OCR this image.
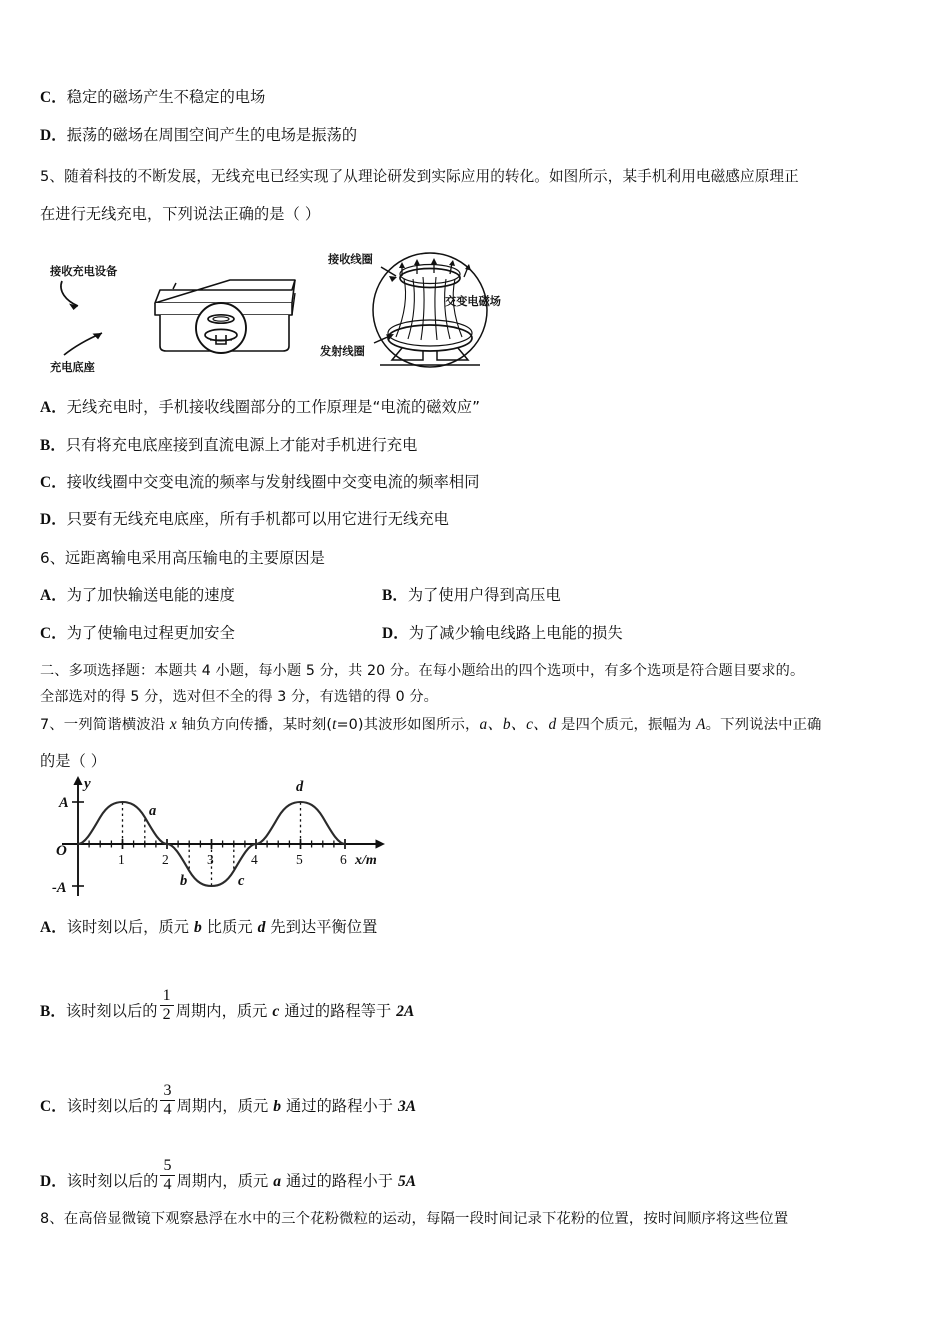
C．稳定的磁场产生不稳定的电场
D．振荡的磁场在周围空间产生的电场是振荡的
5、随着科技的不断发展，无线充电已经实现了从理论研发到实际应用的转化。如图所示，某手机利用电磁感应原理正
在进行无线充电，下列说法正确的是（ ）
接收充电设备
充电底座
接收线圈
交变电磁场
发射线圈
A．无线充电时，手机接收线圈部分的工作原理是“电流的磁效应”
B．只有将充电底座接到直流电源上才能对手机进行充电
C．接收线圈中交变电流的频率与发射线圈中交变电流的频率相同
D．只要有无线充电底座，所有手机都可以用它进行无线充电
6、远距离输电采用高压输电的主要原因是
A．为了加快输送电能的速度	B．为了使用户得到高压电
C．为了使输电过程更加安全	D．为了减少输电线路上电能的损失
二、多项选择题：本题共 4 小题，每小题 5 分，共 20 分。在每小题给出的四个选项中，有多个选项是符合题目要求的。
全部选对的得 5 分，选对但不全的得 3 分，有选错的得 0 分。
7、一列简谐横波沿 x 轴负方向传播，某时刻(t=0)其波形如图所示，a、b、c、d 是四个质元，振幅为 A。下列说法中正确
的是（ ）
y
A
-A
O
1	2	3	4	5	6 x/m
a
b	c
d
A．该时刻以后，质元 b 比质元 d 先到达平衡位置
B．该时刻以后的 $\frac{1}{2}$ 周期内，质元 c 通过的路程等于 2A
C．该时刻以后的 $\frac{3}{4}$ 周期内，质元 b 通过的路程小于 3A
D．该时刻以后的 $\frac{5}{4}$ 周期内，质元 a 通过的路程小于 5A
8、在高倍显微镜下观察悬浮在水中的三个花粉微粒的运动，每隔一段时间记录下花粉的位置，按时间顺序将这些位置
